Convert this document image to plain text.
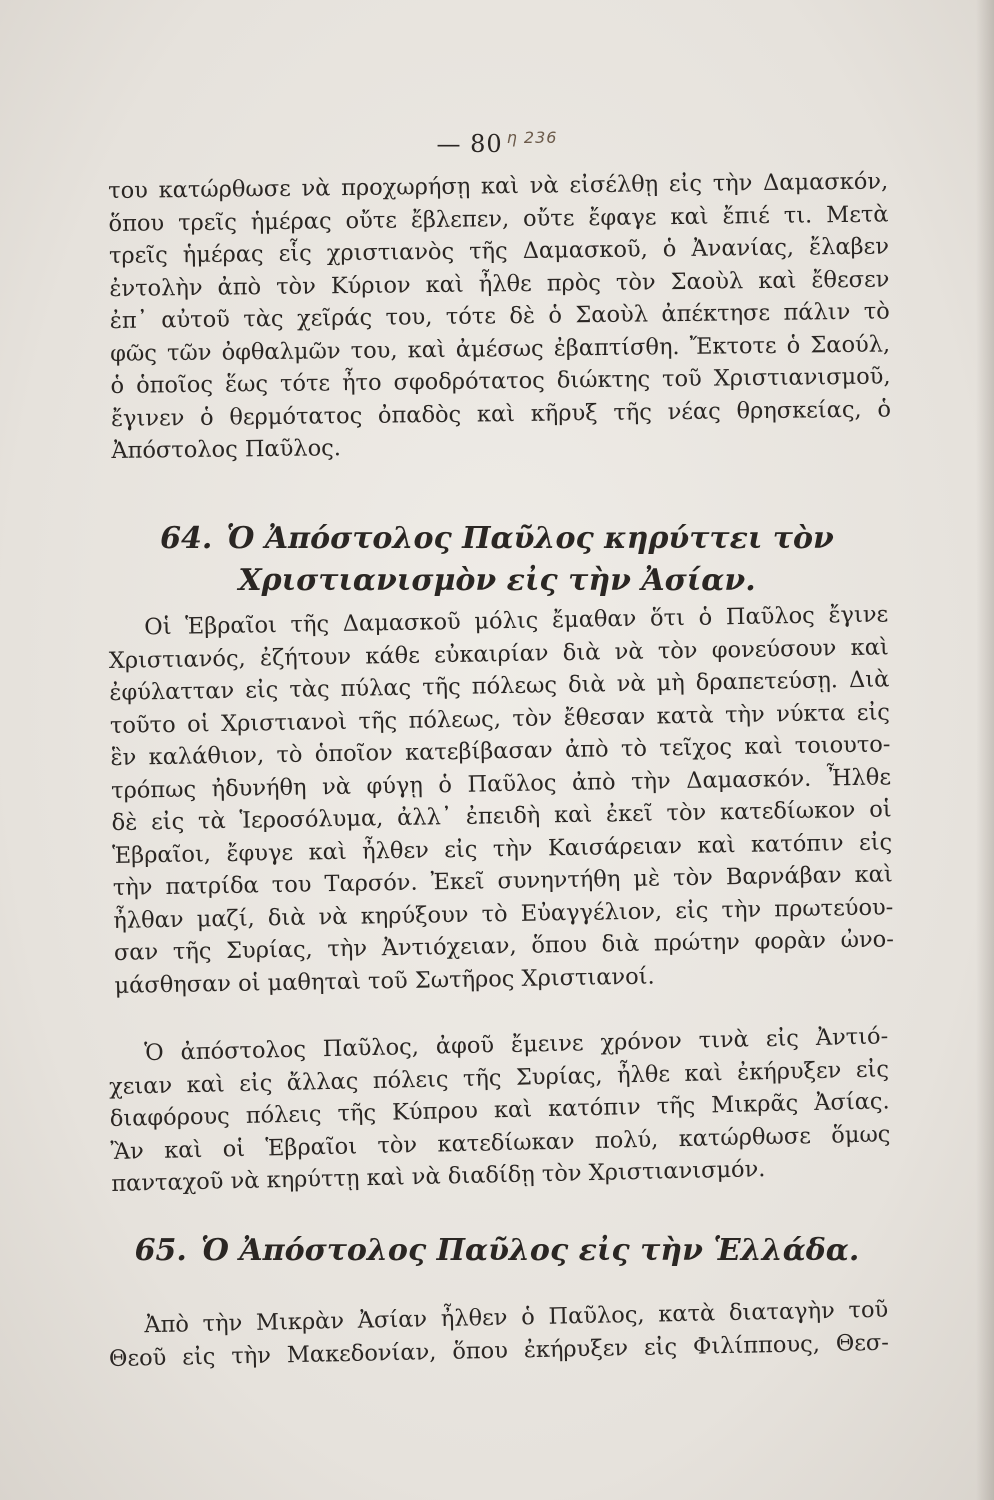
— 80 $^{\eta 236}$
του κατώρθωσε νὰ προχωρήσῃ καὶ νὰ εἰσέλθῃ εἰς τὴν Δαμασκόν,
ὅπου τρεῖς ἡμέρας οὔτε ἔβλεπεν, οὔτε ἔφαγε καὶ ἔπιέ τι. Μετὰ
τρεῖς ἡμέρας εἷς χριστιανὸς τῆς Δαμασκοῦ, ὁ Ἀνανίας, ἔλαβεν
ἐντολὴν ἀπὸ τὸν Κύριον καὶ ἦλθε πρὸς τὸν Σαοὺλ καὶ ἔθεσεν
ἐπ᾽ αὐτοῦ τὰς χεῖράς του, τότε δὲ ὁ Σαοὺλ ἀπέκτησε πάλιν τὸ
φῶς τῶν ὀφθαλμῶν του, καὶ ἀμέσως ἐβαπτίσθη. Ἔκτοτε ὁ Σαούλ,
ὁ ὁποῖος ἕως τότε ἦτο σφοδρότατος διώκτης τοῦ Χριστιανισμοῦ,
ἔγινεν ὁ θερμότατος ὀπαδὸς καὶ κῆρυξ τῆς νέας θρησκείας, ὁ
Ἀπόστολος Παῦλος.
64. Ὁ Ἀπόστολος Παῦλος κηρύττει τὸν
Χριστιανισμὸν εἰς τὴν Ἀσίαν.
Οἱ Ἑβραῖοι τῆς Δαμασκοῦ μόλις ἔμαθαν ὅτι ὁ Παῦλος ἔγινε
Χριστιανός, ἐζήτουν κάθε εὐκαιρίαν διὰ νὰ τὸν φονεύσουν καὶ
ἐφύλατταν εἰς τὰς πύλας τῆς πόλεως διὰ νὰ μὴ δραπετεύσῃ. Διὰ
τοῦτο οἱ Χριστιανοὶ τῆς πόλεως, τὸν ἔθεσαν κατὰ τὴν νύκτα εἰς
ἓν καλάθιον, τὸ ὁποῖον κατεβίβασαν ἀπὸ τὸ τεῖχος καὶ τοιουτο-
τρόπως ἠδυνήθη νὰ φύγῃ ὁ Παῦλος ἀπὸ τὴν Δαμασκόν. Ἦλθε
δὲ εἰς τὰ Ἱεροσόλυμα, ἀλλ᾽ ἐπειδὴ καὶ ἐκεῖ τὸν κατεδίωκον οἱ
Ἑβραῖοι, ἔφυγε καὶ ἦλθεν εἰς τὴν Καισάρειαν καὶ κατόπιν εἰς
τὴν πατρίδα του Ταρσόν. Ἐκεῖ συνηντήθη μὲ τὸν Βαρνάβαν καὶ
ἦλθαν μαζί, διὰ νὰ κηρύξουν τὸ Εὐαγγέλιον, εἰς τὴν πρωτεύου-
σαν τῆς Συρίας, τὴν Ἀντιόχειαν, ὅπου διὰ πρώτην φορὰν ὠνο-
μάσθησαν οἱ μαθηταὶ τοῦ Σωτῆρος Χριστιανοί.
Ὁ ἀπόστολος Παῦλος, ἀφοῦ ἔμεινε χρόνον τινὰ εἰς Ἀντιό-
χειαν καὶ εἰς ἄλλας πόλεις τῆς Συρίας, ἦλθε καὶ ἐκήρυξεν εἰς
διαφόρους πόλεις τῆς Κύπρου καὶ κατόπιν τῆς Μικρᾶς Ἀσίας.
Ἂν καὶ οἱ Ἑβραῖοι τὸν κατεδίωκαν πολύ, κατώρθωσε ὅμως
πανταχοῦ νὰ κηρύττῃ καὶ νὰ διαδίδῃ τὸν Χριστιανισμόν.
65. Ὁ Ἀπόστολος Παῦλος εἰς τὴν Ἑλλάδα.
Ἀπὸ τὴν Μικρὰν Ἀσίαν ἦλθεν ὁ Παῦλος, κατὰ διαταγὴν τοῦ
Θεοῦ εἰς τὴν Μακεδονίαν, ὅπου ἐκήρυξεν εἰς Φιλίππους, Θεσ-
